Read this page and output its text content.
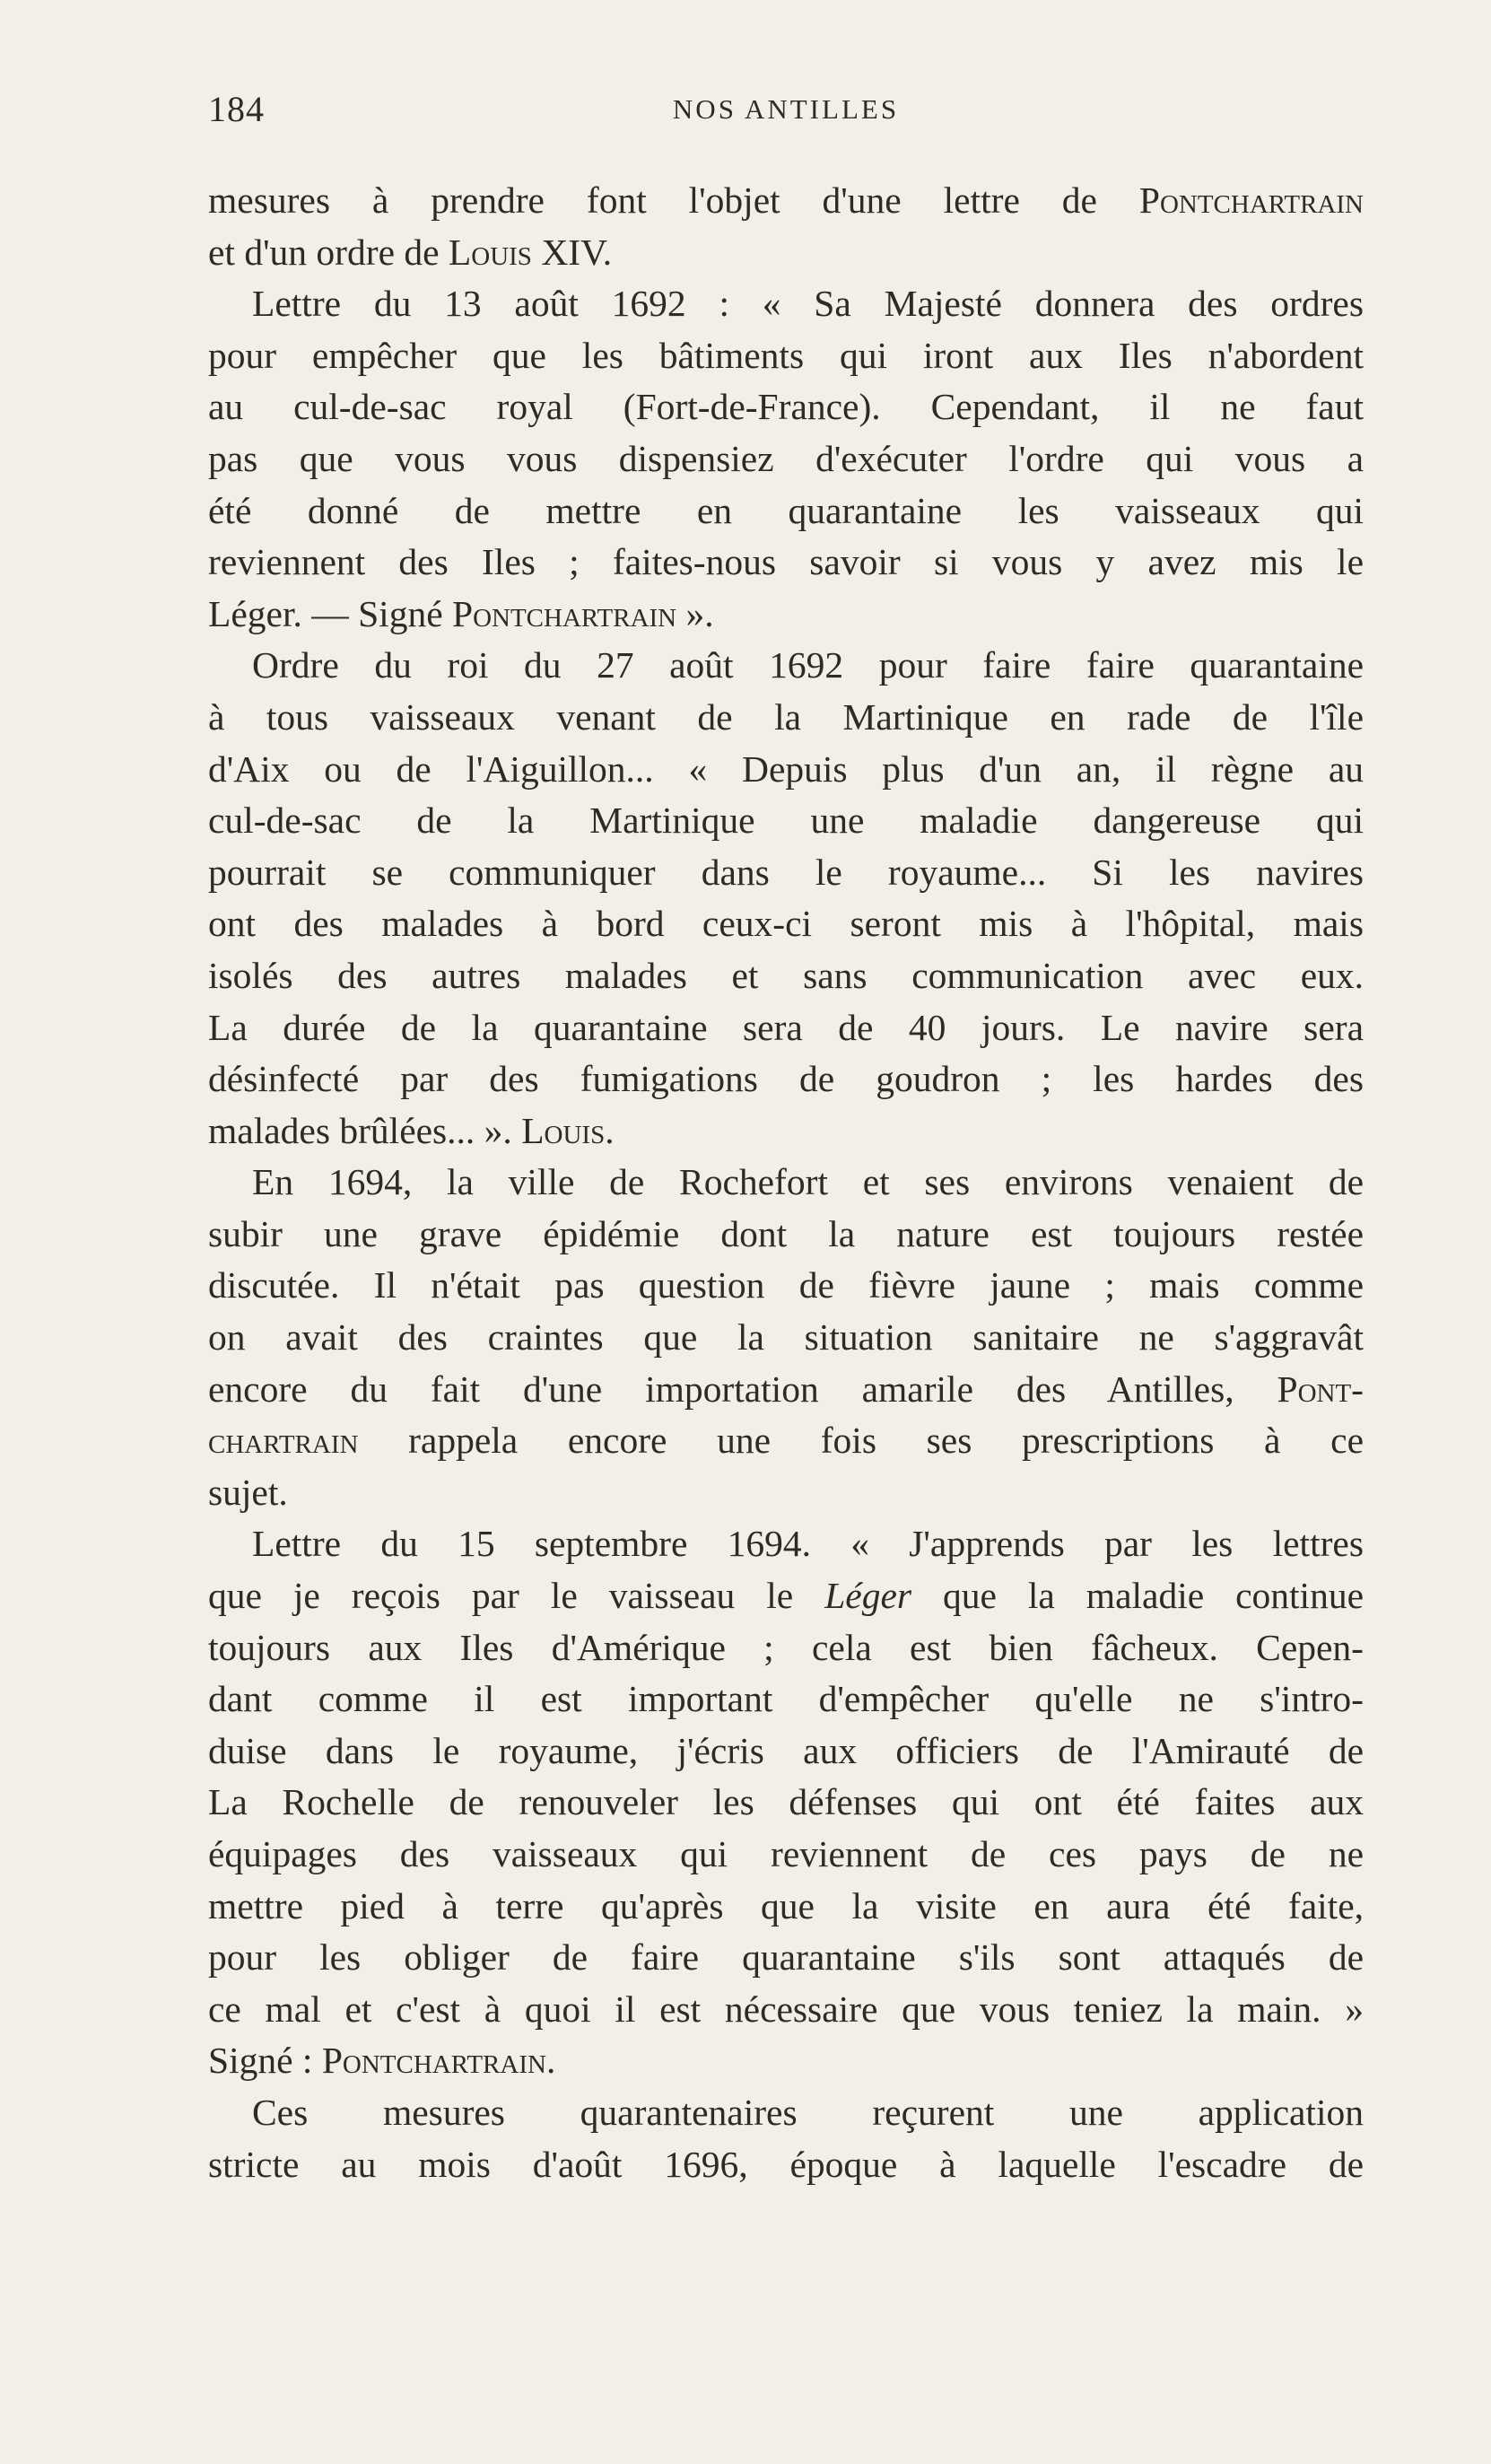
184	NOS ANTILLES
mesures à prendre font l'objet d'une lettre de Pontchartrain
et d'un ordre de Louis XIV.
Lettre du 13 août 1692 : « Sa Majesté donnera des ordres
pour empêcher que les bâtiments qui iront aux Iles n'abordent
au cul-de-sac royal (Fort-de-France). Cependant, il ne faut
pas que vous vous dispensiez d'exécuter l'ordre qui vous a
été donné de mettre en quarantaine les vaisseaux qui
reviennent des Iles ; faites-nous savoir si vous y avez mis le
Léger. — Signé Pontchartrain ».
Ordre du roi du 27 août 1692 pour faire faire quarantaine
à tous vaisseaux venant de la Martinique en rade de l'île
d'Aix ou de l'Aiguillon... « Depuis plus d'un an, il règne au
cul-de-sac de la Martinique une maladie dangereuse qui
pourrait se communiquer dans le royaume... Si les navires
ont des malades à bord ceux-ci seront mis à l'hôpital, mais
isolés des autres malades et sans communication avec eux.
La durée de la quarantaine sera de 40 jours. Le navire sera
désinfecté par des fumigations de goudron ; les hardes des
malades brûlées... ». Louis.
En 1694, la ville de Rochefort et ses environs venaient de
subir une grave épidémie dont la nature est toujours restée
discutée. Il n'était pas question de fièvre jaune ; mais comme
on avait des craintes que la situation sanitaire ne s'aggravât
encore du fait d'une importation amarile des Antilles, Pont-
chartrain rappela encore une fois ses prescriptions à ce
sujet.
Lettre du 15 septembre 1694. « J'apprends par les lettres
que je reçois par le vaisseau le Léger que la maladie continue
toujours aux Iles d'Amérique ; cela est bien fâcheux. Cepen-
dant comme il est important d'empêcher qu'elle ne s'intro-
duise dans le royaume, j'écris aux officiers de l'Amirauté de
La Rochelle de renouveler les défenses qui ont été faites aux
équipages des vaisseaux qui reviennent de ces pays de ne
mettre pied à terre qu'après que la visite en aura été faite,
pour les obliger de faire quarantaine s'ils sont attaqués de
ce mal et c'est à quoi il est nécessaire que vous teniez la main. »
Signé : Pontchartrain.
Ces mesures quarantenaires reçurent une application
stricte au mois d'août 1696, époque à laquelle l'escadre de
